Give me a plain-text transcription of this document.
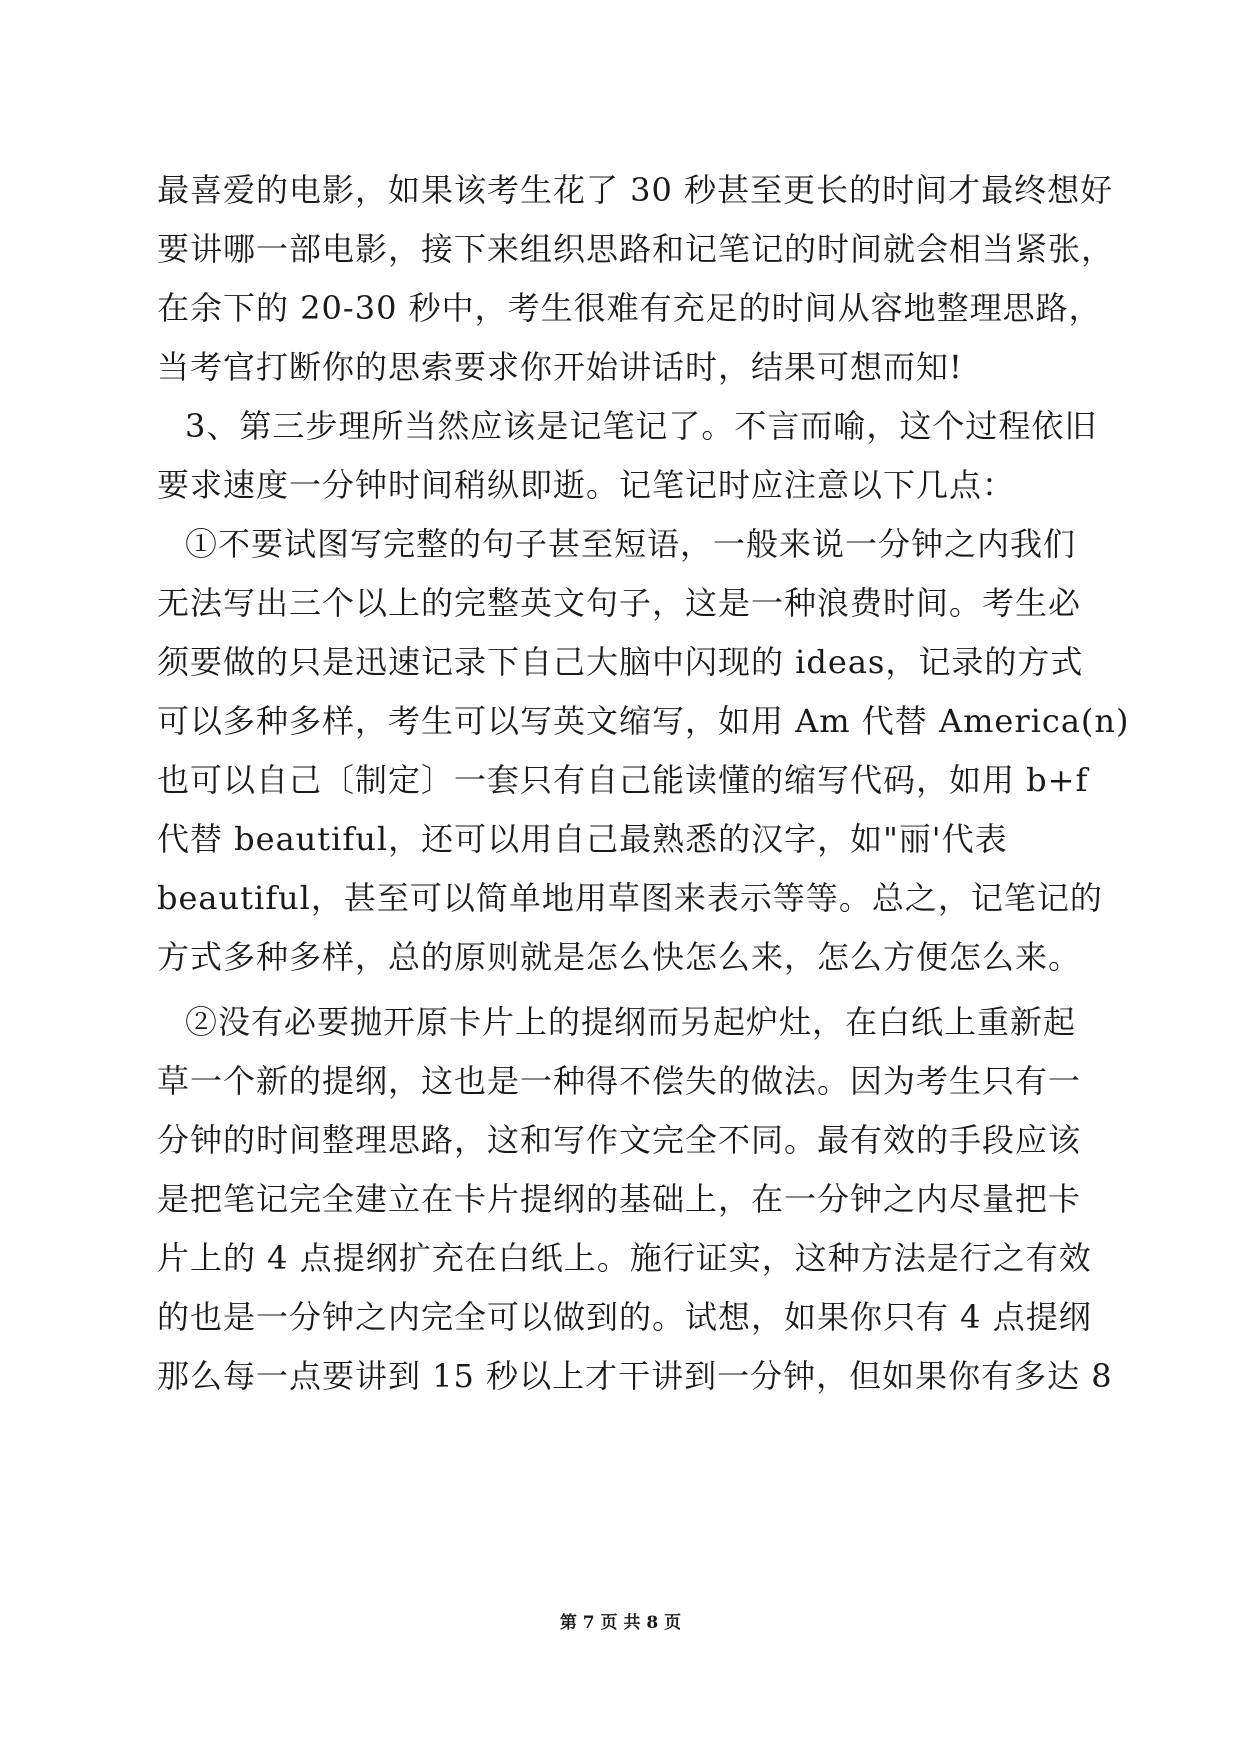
最喜爱的电影，如果该考生花了 30 秒甚至更长的时间才最终想好
要讲哪一部电影，接下来组织思路和记笔记的时间就会相当紧张，
在余下的 20-30 秒中，考生很难有充足的时间从容地整理思路，
当考官打断你的思索要求你开始讲话时，结果可想而知!
3、第三步理所当然应该是记笔记了。不言而喻，这个过程依旧
要求速度一分钟时间稍纵即逝。记笔记时应注意以下几点：
①不要试图写完整的句子甚至短语，一般来说一分钟之内我们
无法写出三个以上的完整英文句子，这是一种浪费时间。考生必
须要做的只是迅速记录下自己大脑中闪现的 ideas，记录的方式
可以多种多样，考生可以写英文缩写，如用 Am 代替 America(n)
也可以自己〔制定〕一套只有自己能读懂的缩写代码，如用 b+f
代替 beautiful，还可以用自己最熟悉的汉字，如"丽'代表
beautiful，甚至可以简单地用草图来表示等等。总之，记笔记的
方式多种多样，总的原则就是怎么快怎么来，怎么方便怎么来。
②没有必要抛开原卡片上的提纲而另起炉灶，在白纸上重新起
草一个新的提纲，这也是一种得不偿失的做法。因为考生只有一
分钟的时间整理思路，这和写作文完全不同。最有效的手段应该
是把笔记完全建立在卡片提纲的基础上，在一分钟之内尽量把卡
片上的 4 点提纲扩充在白纸上。施行证实，这种方法是行之有效
的也是一分钟之内完全可以做到的。试想，如果你只有 4 点提纲
那么每一点要讲到 15 秒以上才干讲到一分钟，但如果你有多达 8
第 7 页 共 8 页
